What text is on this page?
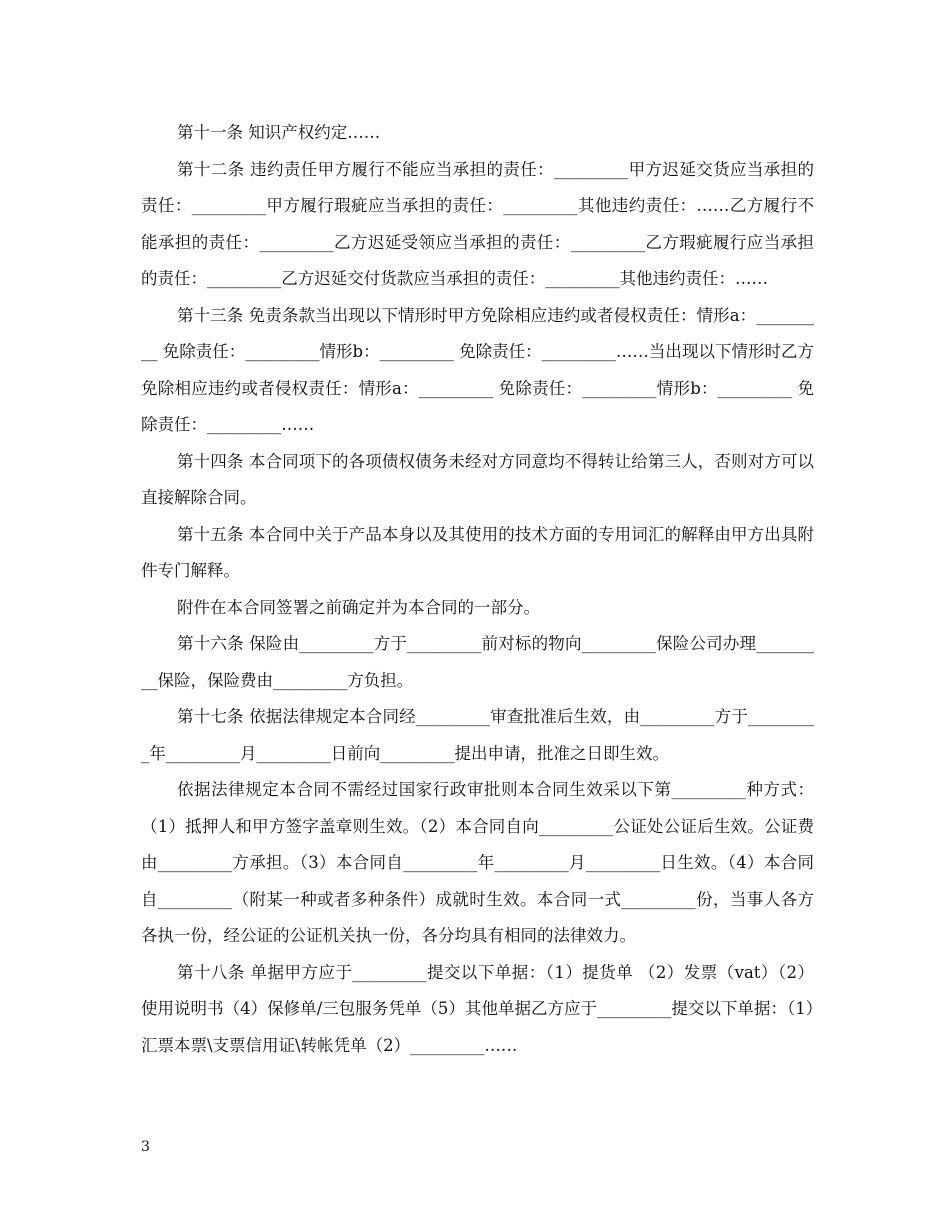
第十一条 知识产权约定……

第十二条 违约责任甲方履行不能应当承担的责任：_________甲方迟延交货应当承担的责任：_________甲方履行瑕疵应当承担的责任：_________其他违约责任：……乙方履行不能承担的责任：_________乙方迟延受领应当承担的责任：_________乙方瑕疵履行应当承担的责任：_________乙方迟延交付货款应当承担的责任：_________其他违约责任：……

第十三条 免责条款当出现以下情形时甲方免除相应违约或者侵权责任：情形a：_________ 免除责任：_________情形b：_________ 免除责任：_________……当出现以下情形时乙方免除相应违约或者侵权责任：情形a：_________ 免除责任：_________情形b：_________ 免除责任：_________……

第十四条 本合同项下的各项债权债务未经对方同意均不得转让给第三人，否则对方可以直接解除合同。

第十五条 本合同中关于产品本身以及其使用的技术方面的专用词汇的解释由甲方出具附件专门解释。

附件在本合同签署之前确定并为本合同的一部分。

第十六条 保险由_________方于_________前对标的物向_________保险公司办理_________保险，保险费由_________方负担。

第十七条 依据法律规定本合同经_________审查批准后生效，由_________方于_________年_________月_________日前向_________提出申请，批准之日即生效。

依据法律规定本合同不需经过国家行政审批则本合同生效采以下第_________种方式：（1）抵押人和甲方签字盖章则生效。（2）本合同自向_________公证处公证后生效。公证费由_________方承担。（3）本合同自_________年_________月_________日生效。（4）本合同自_________（附某一种或者多种条件）成就时生效。本合同一式_________份，当事人各方各执一份，经公证的公证机关执一份，各分均具有相同的法律效力。

第十八条 单据甲方应于_________提交以下单据：（1）提货单 （2）发票（vat）（2）使用说明书（4）保修单/三包服务凭单（5）其他单据乙方应于_________提交以下单据：（1）汇票本票\支票信用证\转帐凭单（2）_________……

3
